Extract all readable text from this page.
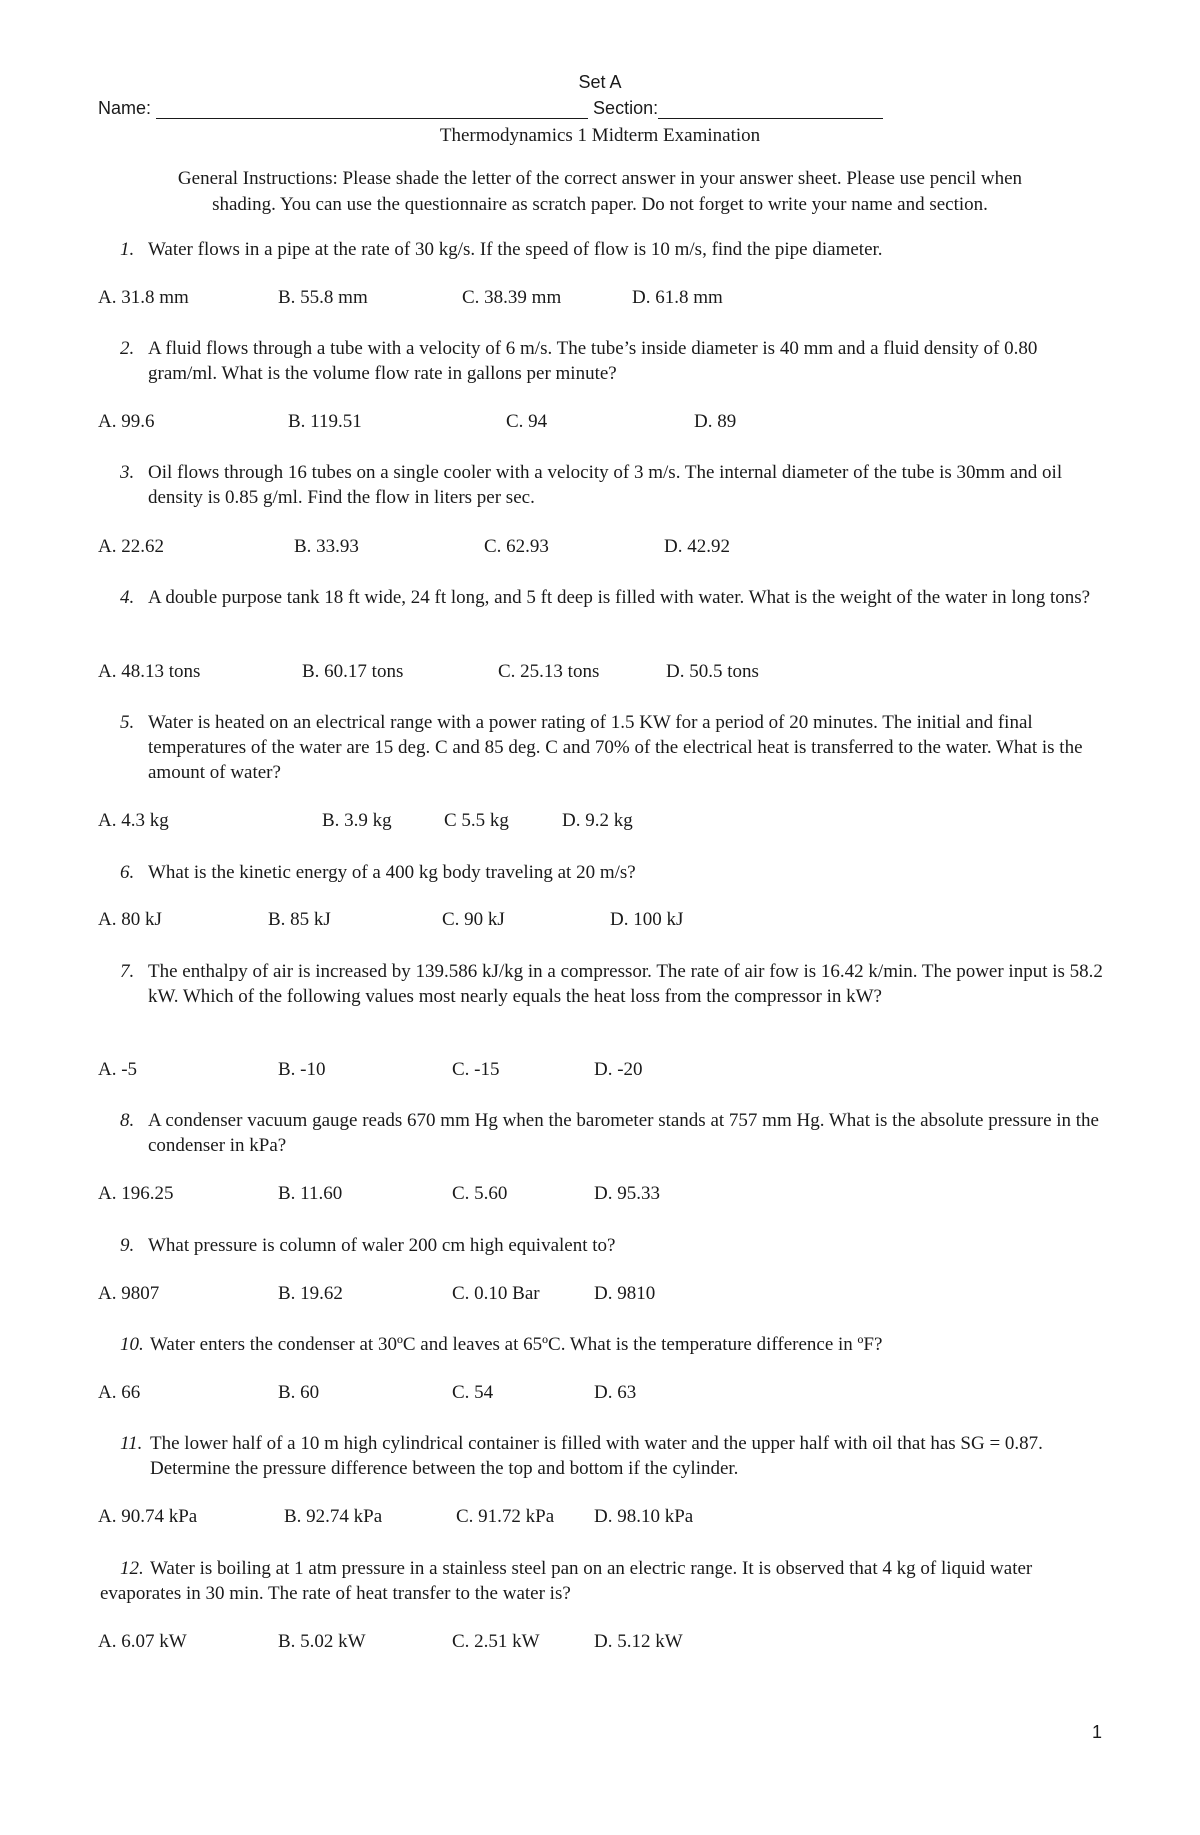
Set A
Name:	Section:
Thermodynamics 1 Midterm Examination
General Instructions: Please shade the letter of the correct answer in your answer sheet. Please use pencil when
shading. You can use the questionnaire as scratch paper. Do not forget to write your name and section.
1. Water flows in a pipe at the rate of 30 kg/s. If the speed of flow is 10 m/s, find the pipe diameter.
A. 31.8 mm	B. 55.8 mm	C. 38.39 mm	D. 61.8 mm
2. A fluid flows through a tube with a velocity of 6 m/s. The tube’s inside diameter is 40 mm and a fluid density of 0.80 gram/ml. What is the volume flow rate in gallons per minute?
A. 99.6	B. 119.51	C. 94	D. 89
3. Oil flows through 16 tubes on a single cooler with a velocity of 3 m/s. The internal diameter of the tube is 30mm and oil density is 0.85 g/ml. Find the flow in liters per sec.
A. 22.62	B. 33.93	C. 62.93	D. 42.92
4. A double purpose tank 18 ft wide, 24 ft long, and 5 ft deep is filled with water. What is the weight of the water in long tons?
A. 48.13 tons	B. 60.17 tons	C. 25.13 tons	D. 50.5 tons
5. Water is heated on an electrical range with a power rating of 1.5 KW for a period of 20 minutes. The initial and final temperatures of the water are 15 deg. C and 85 deg. C and 70% of the electrical heat is transferred to the water. What is the amount of water?
A. 4.3 kg	B. 3.9 kg	C 5.5 kg	D. 9.2 kg
6. What is the kinetic energy of a 400 kg body traveling at 20 m/s?
A. 80 kJ	B. 85 kJ	C. 90 kJ	D. 100 kJ
7. The enthalpy of air is increased by 139.586 kJ/kg in a compressor. The rate of air fow is 16.42 k/min. The power input is 58.2 kW. Which of the following values most nearly equals the heat loss from the compressor in kW?
A. -5	B. -10	C. -15	D. -20
8. A condenser vacuum gauge reads 670 mm Hg when the barometer stands at 757 mm Hg. What is the absolute pressure in the condenser in kPa?
A. 196.25	B. 11.60	C. 5.60	D. 95.33
9. What pressure is column of waler 200 cm high equivalent to?
A. 9807	B. 19.62	C. 0.10 Bar	D. 9810
10. Water enters the condenser at 30ºC and leaves at 65ºC. What is the temperature difference in ºF?
A. 66	B. 60	C. 54	D. 63
11. The lower half of a 10 m high cylindrical container is filled with water and the upper half with oil that has SG = 0.87. Determine the pressure difference between the top and bottom if the cylinder.
A. 90.74 kPa	B. 92.74 kPa	C. 91.72 kPa D. 98.10 kPa
12. Water is boiling at 1 atm pressure in a stainless steel pan on an electric range. It is observed that 4 kg of liquid water evaporates in 30 min. The rate of heat transfer to the water is?
A. 6.07 kW	B. 5.02 kW	C. 2.51 kW	D. 5.12 kW
1
